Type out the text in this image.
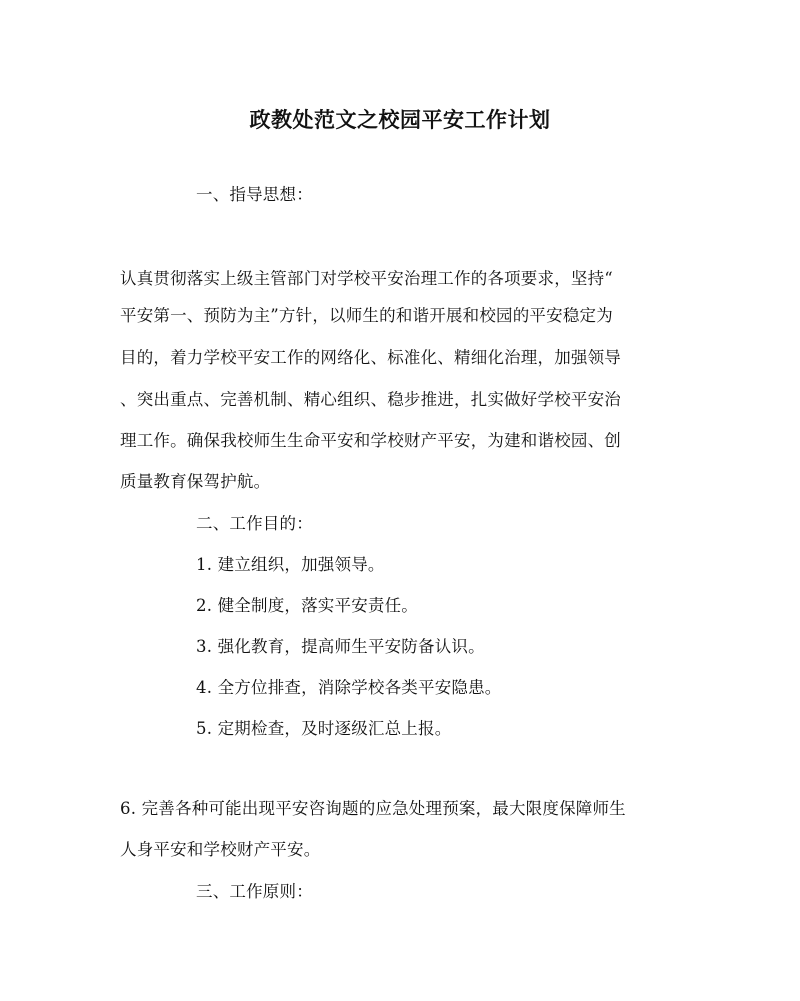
政教处范文之校园平安工作计划
一、指导思想：
认真贯彻落实上级主管部门对学校平安治理工作的各项要求，坚持“
平安第一、预防为主”方针，以师生的和谐开展和校园的平安稳定为
目的，着力学校平安工作的网络化、标准化、精细化治理，加强领导
、突出重点、完善机制、精心组织、稳步推进，扎实做好学校平安治
理工作。确保我校师生生命平安和学校财产平安，为建和谐校园、创
质量教育保驾护航。
二、工作目的：
1. 建立组织，加强领导。
2. 健全制度，落实平安责任。
3. 强化教育，提高师生平安防备认识。
4. 全方位排查，消除学校各类平安隐患。
5. 定期检查，及时逐级汇总上报。
6. 完善各种可能出现平安咨询题的应急处理预案，最大限度保障师生
人身平安和学校财产平安。
三、工作原则：
